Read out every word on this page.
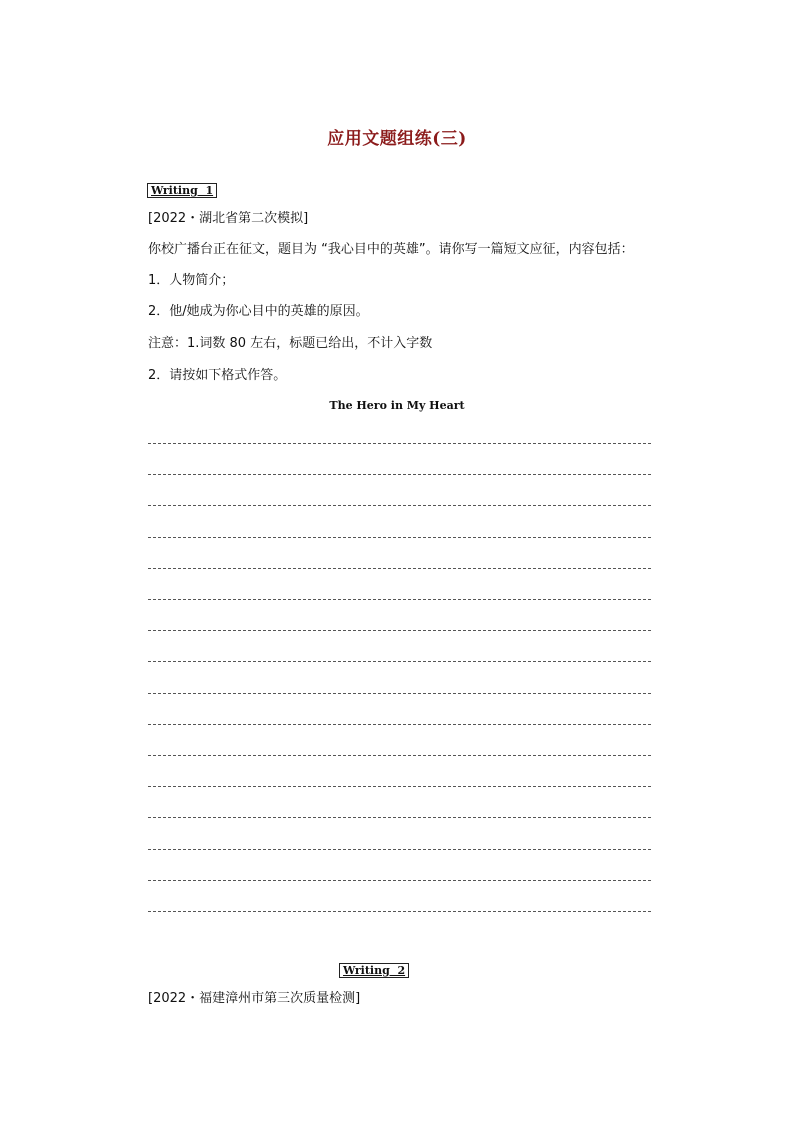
应用文题组练(三)
Writing  1
[2022・湖北省第二次模拟]
你校广播台正在征文，题目为 “我心目中的英雄”。请你写一篇短文应征，内容包括：
1．人物简介；
2．他/她成为你心目中的英雄的原因。
注意：1.词数 80 左右，标题已给出，不计入字数
2．请按如下格式作答。
The Hero in My Heart
Writing  2
[2022・福建漳州市第三次质量检测]
